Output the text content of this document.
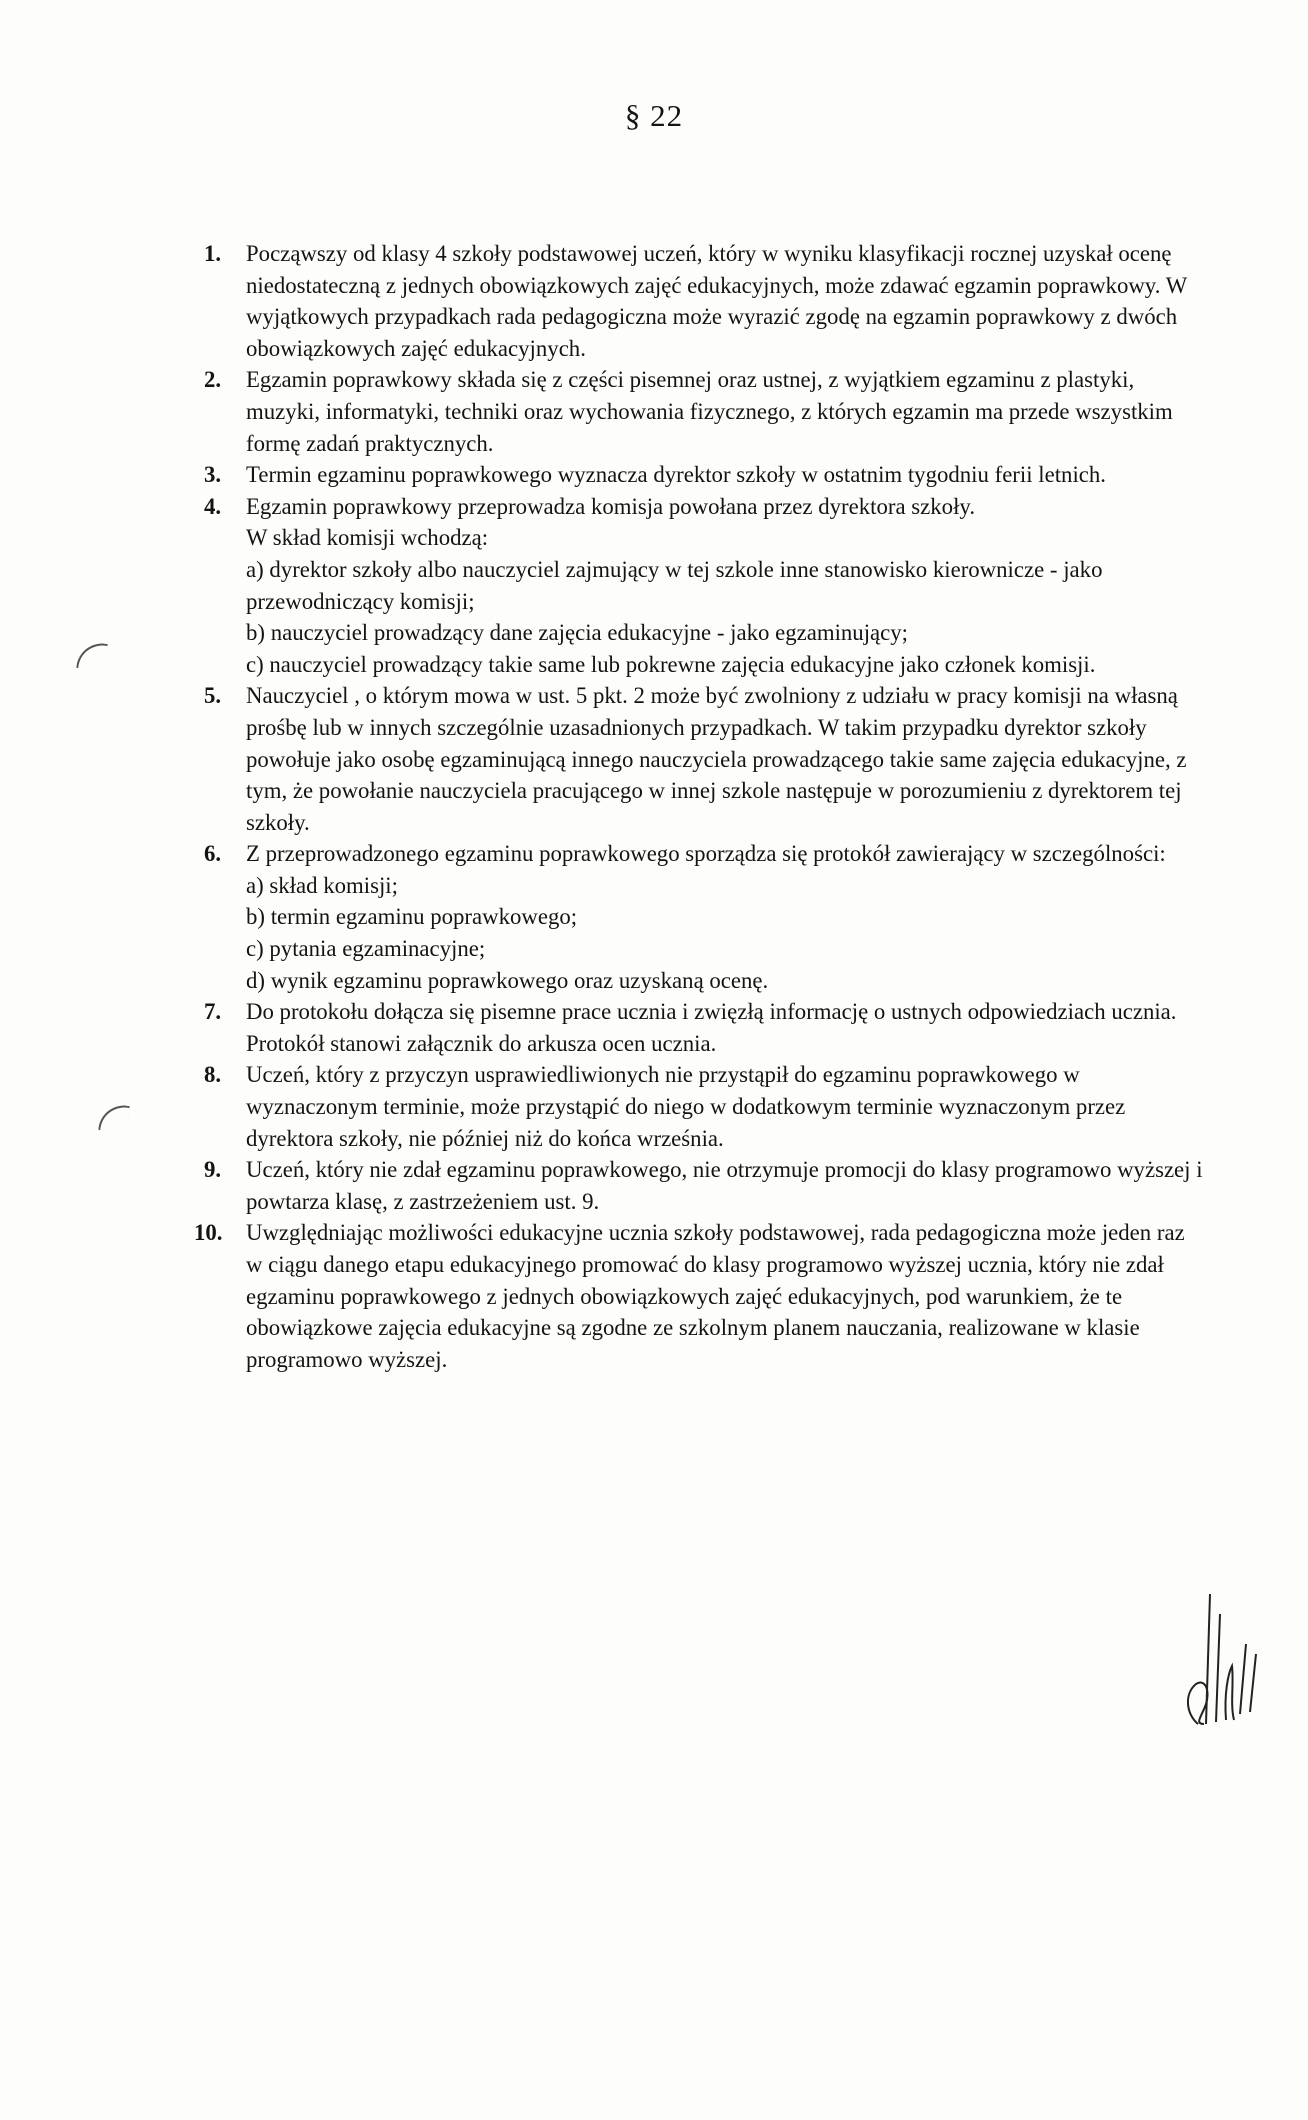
§ 22
1. Począwszy od klasy 4 szkoły podstawowej uczeń, który w wyniku klasyfikacji rocznej uzyskał ocenę niedostateczną z jednych obowiązkowych zajęć edukacyjnych, może zdawać egzamin poprawkowy. W wyjątkowych przypadkach rada pedagogiczna może wyrazić zgodę na egzamin poprawkowy z dwóch obowiązkowych zajęć edukacyjnych.
2. Egzamin poprawkowy składa się z części pisemnej oraz ustnej, z wyjątkiem egzaminu z plastyki, muzyki, informatyki, techniki oraz wychowania fizycznego, z których egzamin ma przede wszystkim formę zadań praktycznych.
3. Termin egzaminu poprawkowego wyznacza dyrektor szkoły w ostatnim tygodniu ferii letnich.
4. Egzamin poprawkowy przeprowadza komisja powołana przez dyrektora szkoły.
W skład komisji wchodzą:
a) dyrektor szkoły albo nauczyciel zajmujący w tej szkole inne stanowisko kierownicze - jako przewodniczący komisji;
b) nauczyciel prowadzący dane zajęcia edukacyjne - jako egzaminujący;
c) nauczyciel prowadzący takie same lub pokrewne zajęcia edukacyjne jako członek komisji.
5. Nauczyciel , o którym mowa w ust. 5 pkt. 2 może być zwolniony z udziału w pracy komisji na własną prośbę lub w innych szczególnie uzasadnionych przypadkach. W takim przypadku dyrektor szkoły powołuje jako osobę egzaminującą innego nauczyciela prowadzącego takie same zajęcia edukacyjne, z tym, że powołanie nauczyciela pracującego w innej szkole następuje w porozumieniu z dyrektorem tej szkoły.
6. Z przeprowadzonego egzaminu poprawkowego sporządza się protokół zawierający w szczególności:
a) skład komisji;
b) termin egzaminu poprawkowego;
c) pytania egzaminacyjne;
d) wynik egzaminu poprawkowego oraz uzyskaną ocenę.
7. Do protokołu dołącza się pisemne prace ucznia i zwięzłą informację o ustnych odpowiedziach ucznia. Protokół stanowi załącznik do arkusza ocen ucznia.
8. Uczeń, który z przyczyn usprawiedliwionych nie przystąpił do egzaminu poprawkowego w wyznaczonym terminie, może przystąpić do niego w dodatkowym terminie wyznaczonym przez dyrektora szkoły, nie później niż do końca września.
9. Uczeń, który nie zdał egzaminu poprawkowego, nie otrzymuje promocji do klasy programowo wyższej i powtarza klasę, z zastrzeżeniem ust. 9.
10. Uwzględniając możliwości edukacyjne ucznia szkoły podstawowej, rada pedagogiczna może jeden raz w ciągu danego etapu edukacyjnego promować do klasy programowo wyższej ucznia, który nie zdał egzaminu poprawkowego z jednych obowiązkowych zajęć edukacyjnych, pod warunkiem, że te obowiązkowe zajęcia edukacyjne są zgodne ze szkolnym planem nauczania, realizowane w klasie programowo wyższej.
